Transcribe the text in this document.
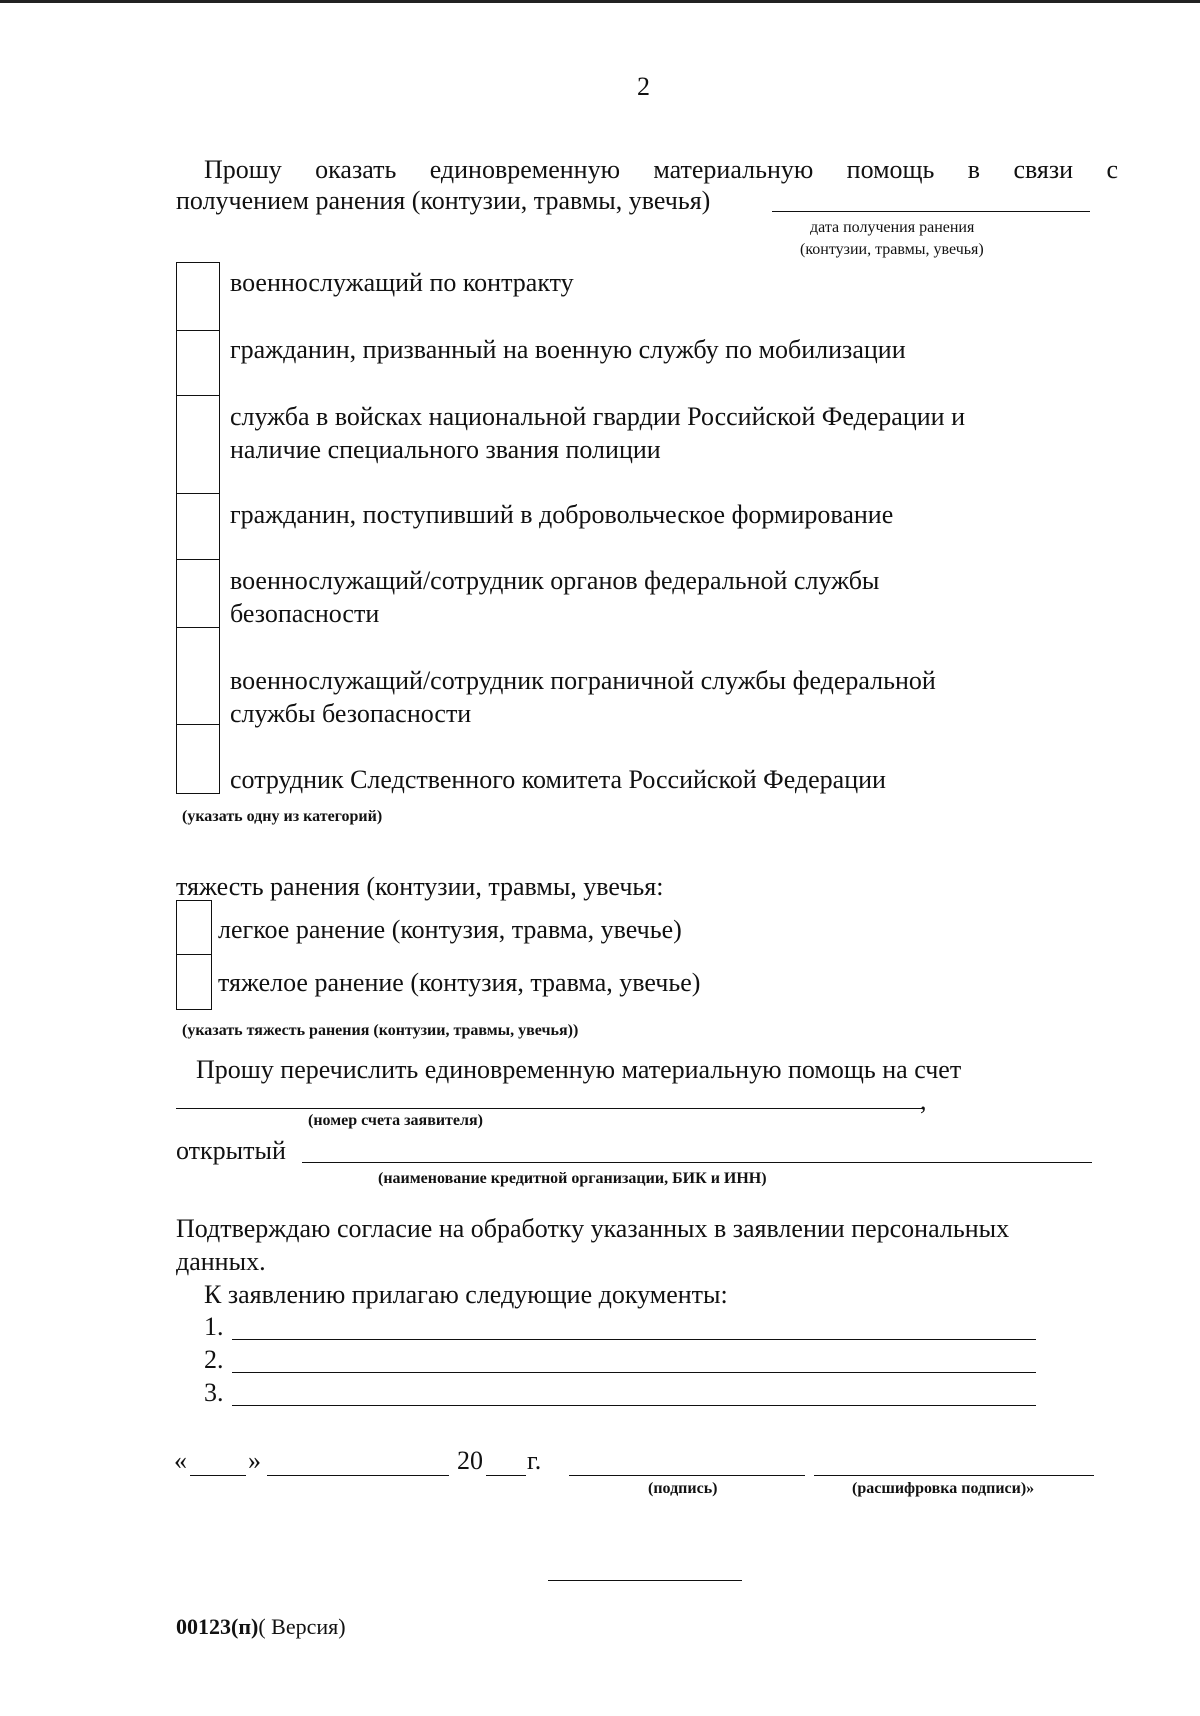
2
Прошу оказать единовременную материальную помощь в связи с
получением ранения (контузии, травмы, увечья)
дата получения ранения
(контузии, травмы, увечья)
военнослужащий по контракту
гражданин, призванный на военную службу по мобилизации
служба в войсках национальной гвардии Российской Федерации и
наличие специального звания полиции
гражданин, поступивший в добровольческое формирование
военнослужащий/сотрудник органов федеральной службы
безопасности
военнослужащий/сотрудник пограничной службы федеральной
службы безопасности
сотрудник Следственного комитета Российской Федерации
(указать одну из категорий)
тяжесть ранения (контузии, травмы, увечья:
легкое ранение (контузия, травма, увечье)
тяжелое ранение (контузия, травма, увечье)
(указать тяжесть ранения (контузии, травмы, увечья))
Прошу перечислить единовременную материальную помощь на счет
,
(номер счета заявителя)
открытый
(наименование кредитной организации, БИК и ИНН)
Подтверждаю согласие на обработку указанных в заявлении персональных
данных.
К заявлению прилагаю следующие документы:
1.
2.
3.
« »	20 г.
(подпись)	(расшифровка подписи)»
00123(п)( Версия)
